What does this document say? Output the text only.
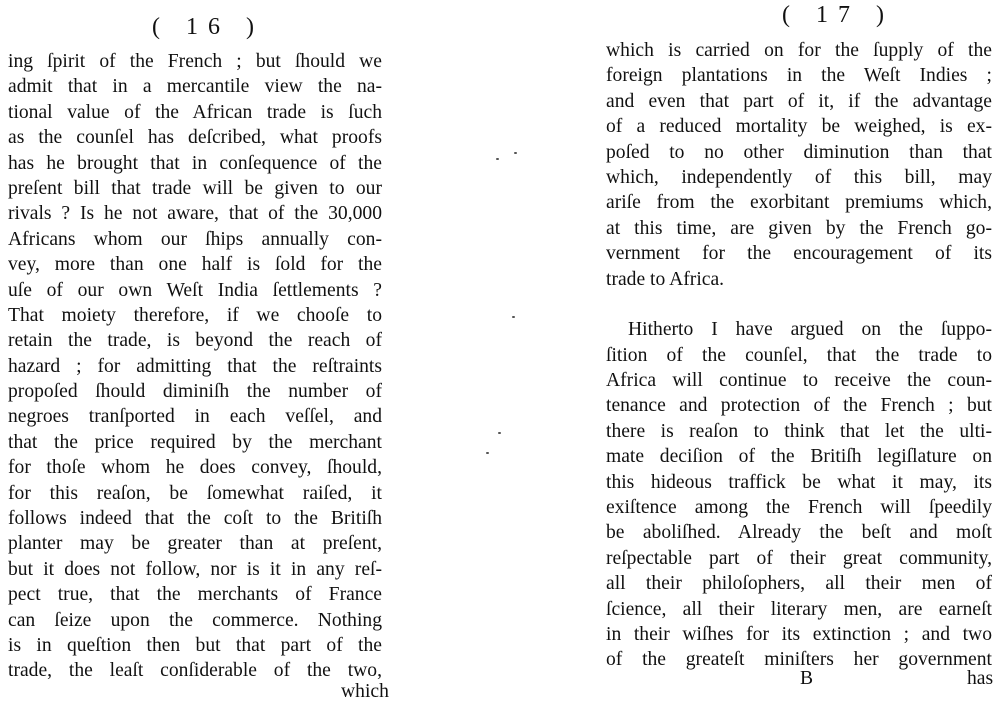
( 16 )
ing ſpirit of the French ; but ſhould we
admit that in a mercantile view the na-
tional value of the African trade is ſuch
as the counſel has deſcribed, what proofs
has he brought that in conſequence of the
preſent bill that trade will be given to our
rivals ? Is he not aware, that of the 30,000
Africans whom our ſhips annually con-
vey, more than one half is ſold for the
uſe of our own Weſt India ſettlements ?
That moiety therefore, if we chooſe to
retain the trade, is beyond the reach of
hazard ; for admitting that the reſtraints
propoſed ſhould diminiſh the number of
negroes tranſported in each veſſel, and
that the price required by the merchant
for thoſe whom he does convey, ſhould,
for this reaſon, be ſomewhat raiſed, it
follows indeed that the coſt to the Britiſh
planter may be greater than at preſent,
but it does not follow, nor is it in any reſ-
pect true, that the merchants of France
can ſeize upon the commerce. Nothing
is in queſtion then but that part of the
trade, the leaſt conſiderable of the two,
which
( 17 )
which is carried on for the ſupply of the
foreign plantations in the Weſt Indies ;
and even that part of it, if the advantage
of a reduced mortality be weighed, is ex-
poſed to no other diminution than that
which, independently of this bill, may
ariſe from the exorbitant premiums which,
at this time, are given by the French go-
vernment for the encouragement of its
trade to Africa.
Hitherto I have argued on the ſuppo-
ſition of the counſel, that the trade to
Africa will continue to receive the coun-
tenance and protection of the French ; but
there is reaſon to think that let the ulti-
mate deciſion of the Britiſh legiſlature on
this hideous traffick be what it may, its
exiſtence among the French will ſpeedily
be aboliſhed. Already the beſt and moſt
reſpectable part of their great community,
all their philoſophers, all their men of
ſcience, all their literary men, are earneſt
in their wiſhes for its extinction ; and two
of the greateſt miniſters her government
B	has
